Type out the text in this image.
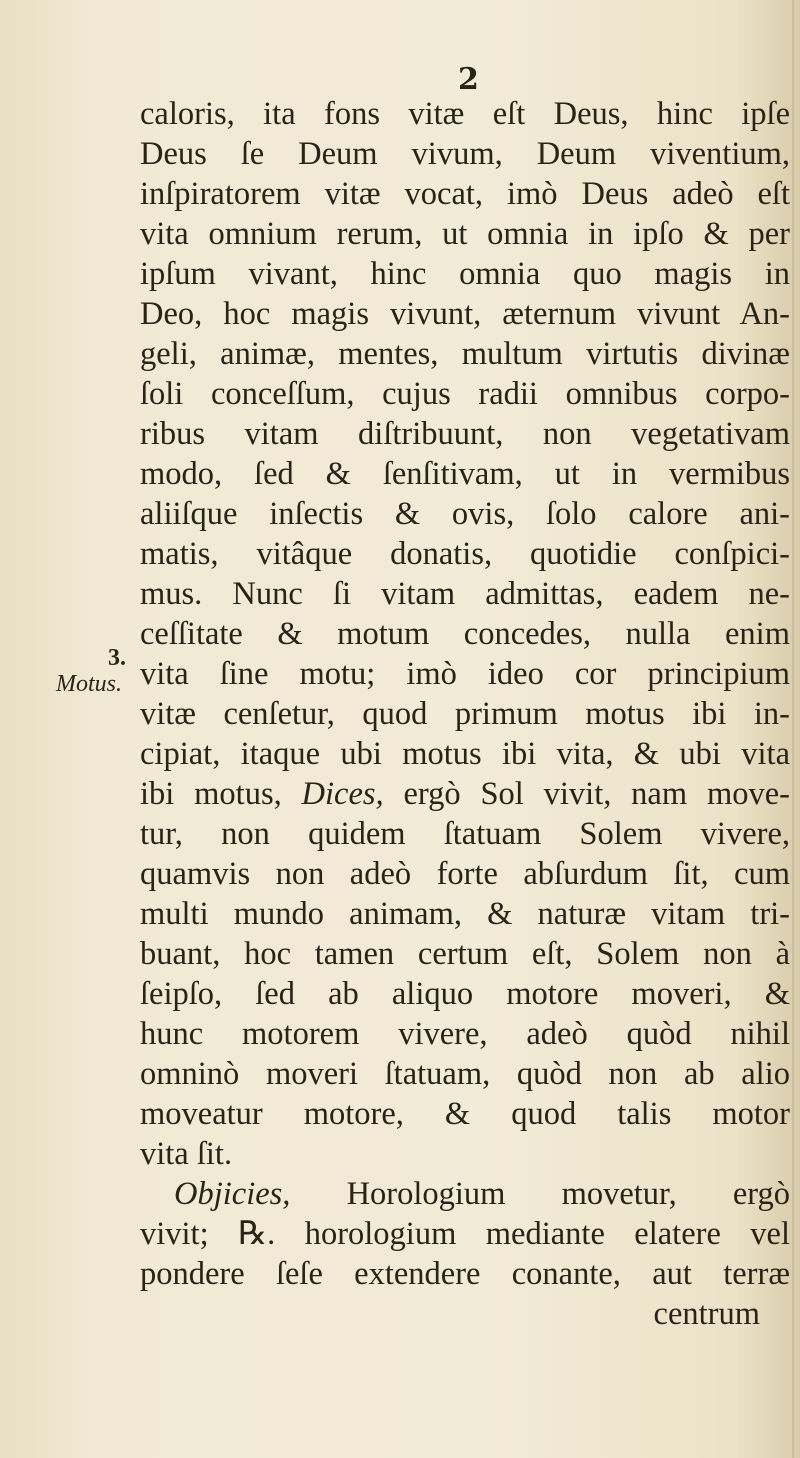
2
3.
Motus.
caloris, ita fons vitæ eſt Deus, hinc ipſe
Deus ſe Deum vivum, Deum viventium,
inſpiratorem vitæ vocat, imò Deus adeò eſt
vita omnium rerum, ut omnia in ipſo & per
ipſum vivant, hinc omnia quo magis in
Deo, hoc magis vivunt, æternum vivunt An-
geli, animæ, mentes, multum virtutis divinæ
ſoli conceſſum, cujus radii omnibus corpo-
ribus vitam diſtribuunt, non vegetativam
modo, ſed & ſenſitivam, ut in vermibus
aliiſque inſectis & ovis, ſolo calore ani-
matis, vitâque donatis, quotidie conſpici-
mus. Nunc ſi vitam admittas, eadem ne-
ceſſitate & motum concedes, nulla enim
vita ſine motu; imò ideo cor principium
vitæ cenſetur, quod primum motus ibi in-
cipiat, itaque ubi motus ibi vita, & ubi vita
ibi motus, Dices, ergò Sol vivit, nam move-
tur, non quidem ſtatuam Solem vivere,
quamvis non adeò forte abſurdum ſit, cum
multi mundo animam, & naturæ vitam tri-
buant, hoc tamen certum eſt, Solem non à
ſeipſo, ſed ab aliquo motore moveri, &
hunc motorem vivere, adeò quòd nihil
omninò moveri ſtatuam, quòd non ab alio
moveatur motore, & quod talis motor
vita ſit.
Objicies, Horologium movetur, ergò
vivit; ℞. horologium mediante elatere vel
pondere ſeſe extendere conante, aut terræ
centrum
